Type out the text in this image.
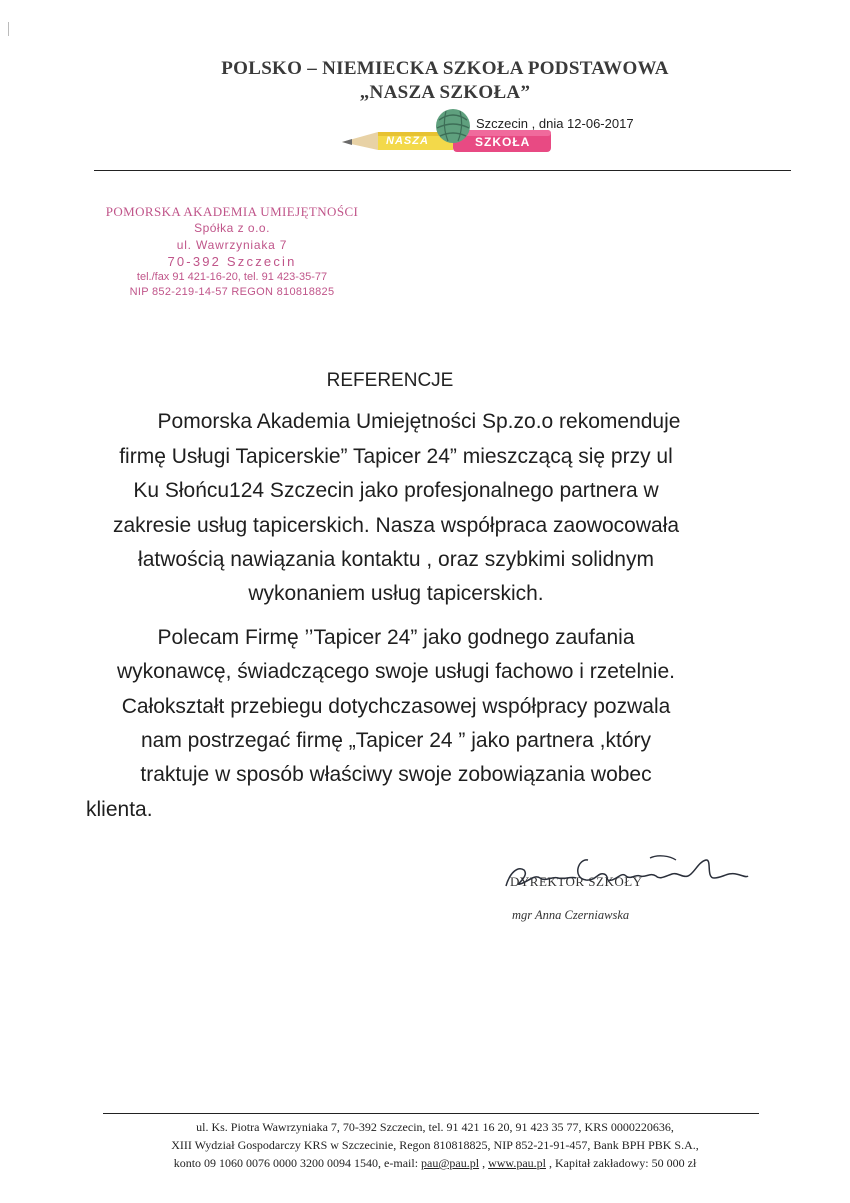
POLSKO – NIEMIECKA SZKOŁA PODSTAWOWA
„NASZA SZKOŁA”
NASZA	SZKOŁA
Szczecin , dnia 12-06-2017
POMORSKA AKADEMIA UMIEJĘTNOŚCI
Spółka z o.o.
ul. Wawrzyniaka 7
70-392 Szczecin
tel./fax 91 421-16-20, tel. 91 423-35-77
NIP 852-219-14-57 REGON 810818825
REFERENCJE
Pomorska Akademia Umiejętności Sp.zo.o rekomenduje
firmę Usługi Tapicerskie” Tapicer 24” mieszczącą się przy ul
Ku Słońcu124 Szczecin jako profesjonalnego partnera w
zakresie usług tapicerskich. Nasza współpraca zaowocowała
łatwością nawiązania kontaktu , oraz szybkimi solidnym
wykonaniem usług tapicerskich.
Polecam Firmę ’’Tapicer 24” jako godnego zaufania
wykonawcę, świadczącego swoje usługi fachowo i rzetelnie.
Całokształt przebiegu dotychczasowej współpracy pozwala
nam postrzegać firmę „Tapicer 24 ” jako partnera ,który
traktuje w sposób właściwy swoje zobowiązania wobec
klienta.
DYREKTOR SZKOŁY
mgr Anna Czerniawska
ul. Ks. Piotra Wawrzyniaka 7, 70-392 Szczecin, tel. 91 421 16 20, 91 423 35 77, KRS 0000220636,
XIII Wydział Gospodarczy KRS w Szczecinie, Regon 810818825, NIP 852-21-91-457, Bank BPH PBK S.A.,
konto 09 1060 0076 0000 3200 0094 1540, e-mail: pau@pau.pl , www.pau.pl , Kapitał zakładowy: 50 000 zł
